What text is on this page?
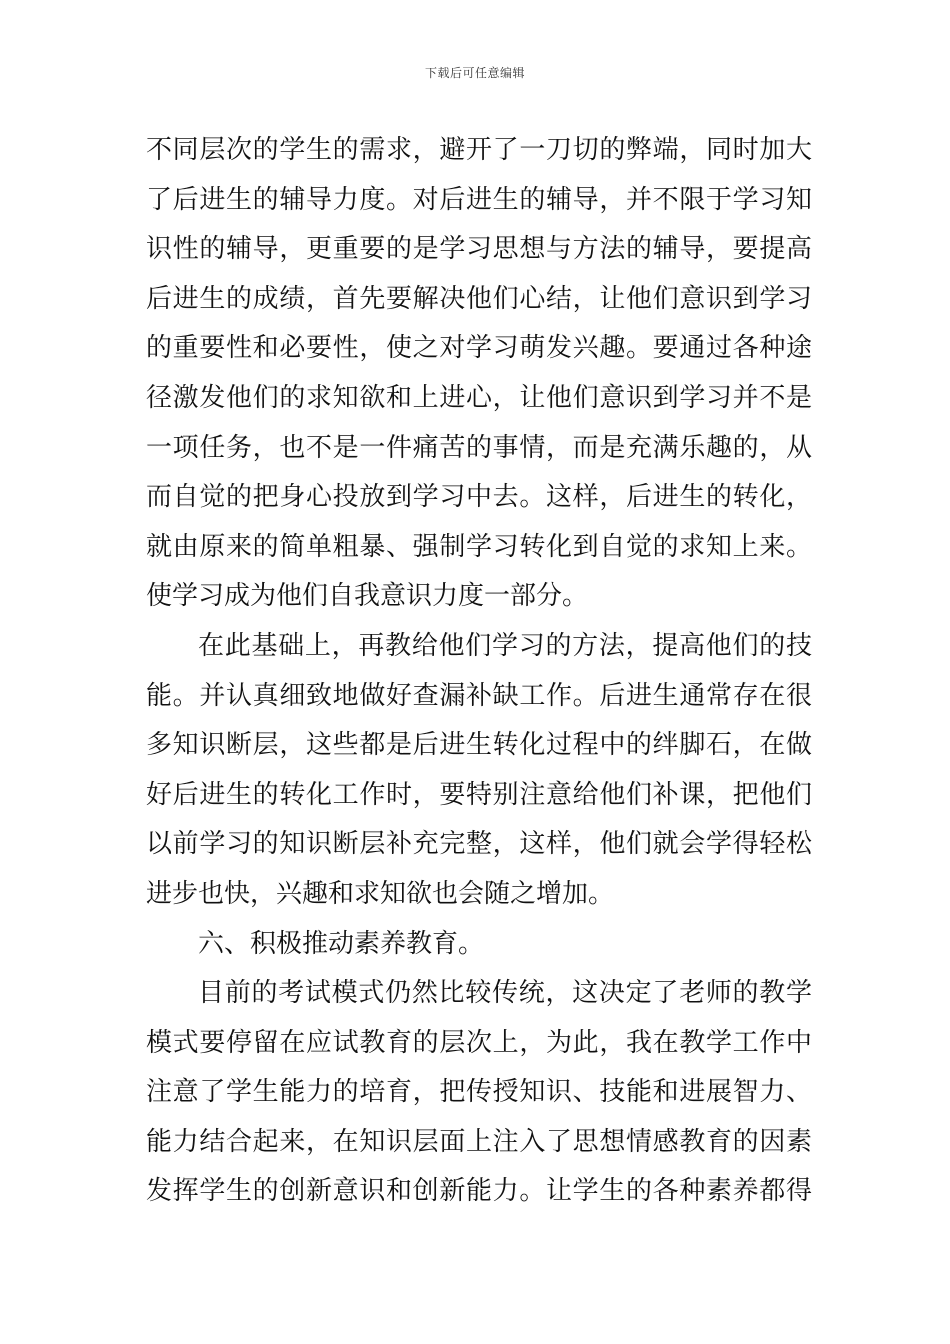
下载后可任意编辑
不同层次的学生的需求，避开了一刀切的弊端，同时加大
了后进生的辅导力度。对后进生的辅导，并不限于学习知
识性的辅导，更重要的是学习思想与方法的辅导，要提高
后进生的成绩，首先要解决他们心结，让他们意识到学习
的重要性和必要性，使之对学习萌发兴趣。要通过各种途
径激发他们的求知欲和上进心，让他们意识到学习并不是
一项任务，也不是一件痛苦的事情，而是充满乐趣的，从
而自觉的把身心投放到学习中去。这样，后进生的转化，
就由原来的简单粗暴、强制学习转化到自觉的求知上来。
使学习成为他们自我意识力度一部分。
在此基础上，再教给他们学习的方法，提高他们的技
能。并认真细致地做好查漏补缺工作。后进生通常存在很
多知识断层，这些都是后进生转化过程中的绊脚石，在做
好后进生的转化工作时，要特别注意给他们补课，把他们
以前学习的知识断层补充完整，这样，他们就会学得轻松
进步也快，兴趣和求知欲也会随之增加。
六、积极推动素养教育。
目前的考试模式仍然比较传统，这决定了老师的教学
模式要停留在应试教育的层次上，为此，我在教学工作中
注意了学生能力的培育，把传授知识、技能和进展智力、
能力结合起来，在知识层面上注入了思想情感教育的因素
发挥学生的创新意识和创新能力。让学生的各种素养都得
